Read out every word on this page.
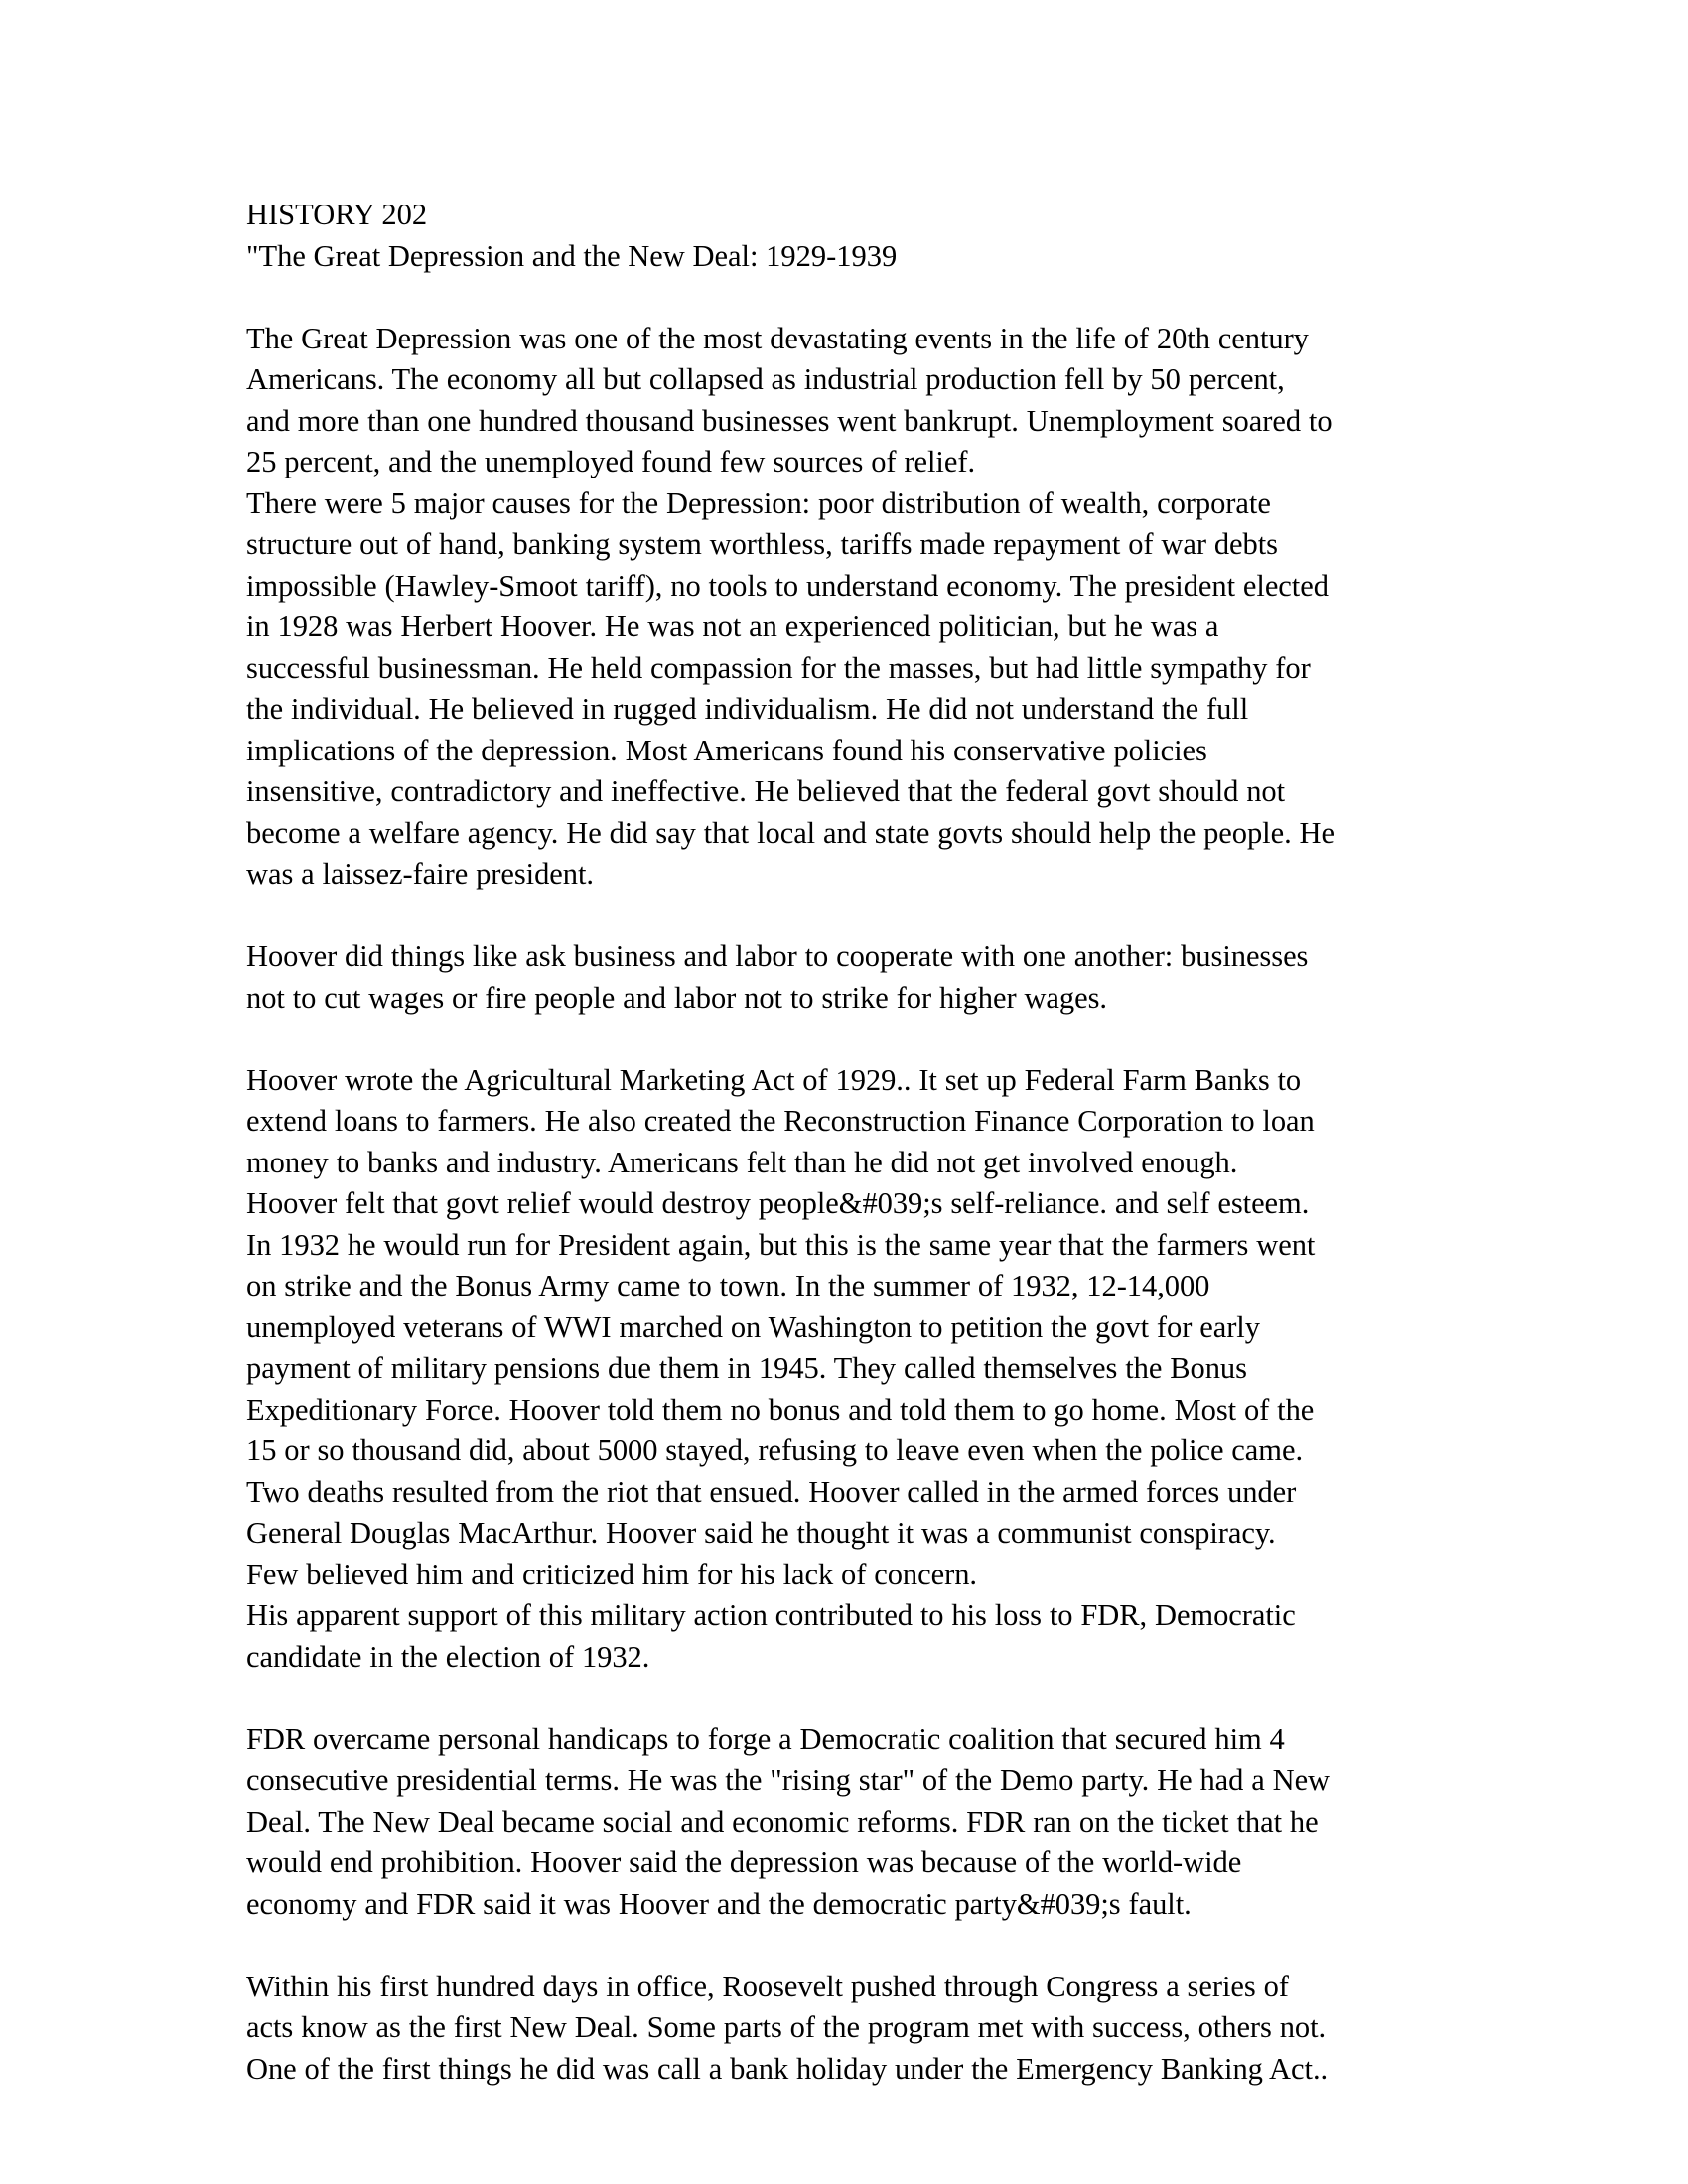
HISTORY 202
"The Great Depression and the New Deal: 1929-1939
The Great Depression was one of the most devastating events in the life of 20th century
Americans. The economy all but collapsed as industrial production fell by 50 percent,
and more than one hundred thousand businesses went bankrupt. Unemployment soared to
25 percent, and the unemployed found few sources of relief.
There were 5 major causes for the Depression: poor distribution of wealth, corporate
structure out of hand, banking system worthless, tariffs made repayment of war debts
impossible (Hawley-Smoot tariff), no tools to understand economy. The president elected
in 1928 was Herbert Hoover. He was not an experienced politician, but he was a
successful businessman. He held compassion for the masses, but had little sympathy for
the individual. He believed in rugged individualism. He did not understand the full
implications of the depression. Most Americans found his conservative policies
insensitive, contradictory and ineffective. He believed that the federal govt should not
become a welfare agency. He did say that local and state govts should help the people. He
was a laissez-faire president.
Hoover did things like ask business and labor to cooperate with one another: businesses
not to cut wages or fire people and labor not to strike for higher wages.
Hoover wrote the Agricultural Marketing Act of 1929.. It set up Federal Farm Banks to
extend loans to farmers. He also created the Reconstruction Finance Corporation to loan
money to banks and industry. Americans felt than he did not get involved enough.
Hoover felt that govt relief would destroy people&#039;s self-reliance. and self esteem.
In 1932 he would run for President again, but this is the same year that the farmers went
on strike and the Bonus Army came to town. In the summer of 1932, 12-14,000
unemployed veterans of WWI marched on Washington to petition the govt for early
payment of military pensions due them in 1945. They called themselves the Bonus
Expeditionary Force. Hoover told them no bonus and told them to go home. Most of the
15 or so thousand did, about 5000 stayed, refusing to leave even when the police came.
Two deaths resulted from the riot that ensued. Hoover called in the armed forces under
General Douglas MacArthur. Hoover said he thought it was a communist conspiracy.
Few believed him and criticized him for his lack of concern.
His apparent support of this military action contributed to his loss to FDR, Democratic
candidate in the election of 1932.
FDR overcame personal handicaps to forge a Democratic coalition that secured him 4
consecutive presidential terms. He was the "rising star" of the Demo party. He had a New
Deal. The New Deal became social and economic reforms. FDR ran on the ticket that he
would end prohibition. Hoover said the depression was because of the world-wide
economy and FDR said it was Hoover and the democratic party&#039;s fault.
Within his first hundred days in office, Roosevelt pushed through Congress a series of
acts know as the first New Deal. Some parts of the program met with success, others not.
One of the first things he did was call a bank holiday under the Emergency Banking Act..
